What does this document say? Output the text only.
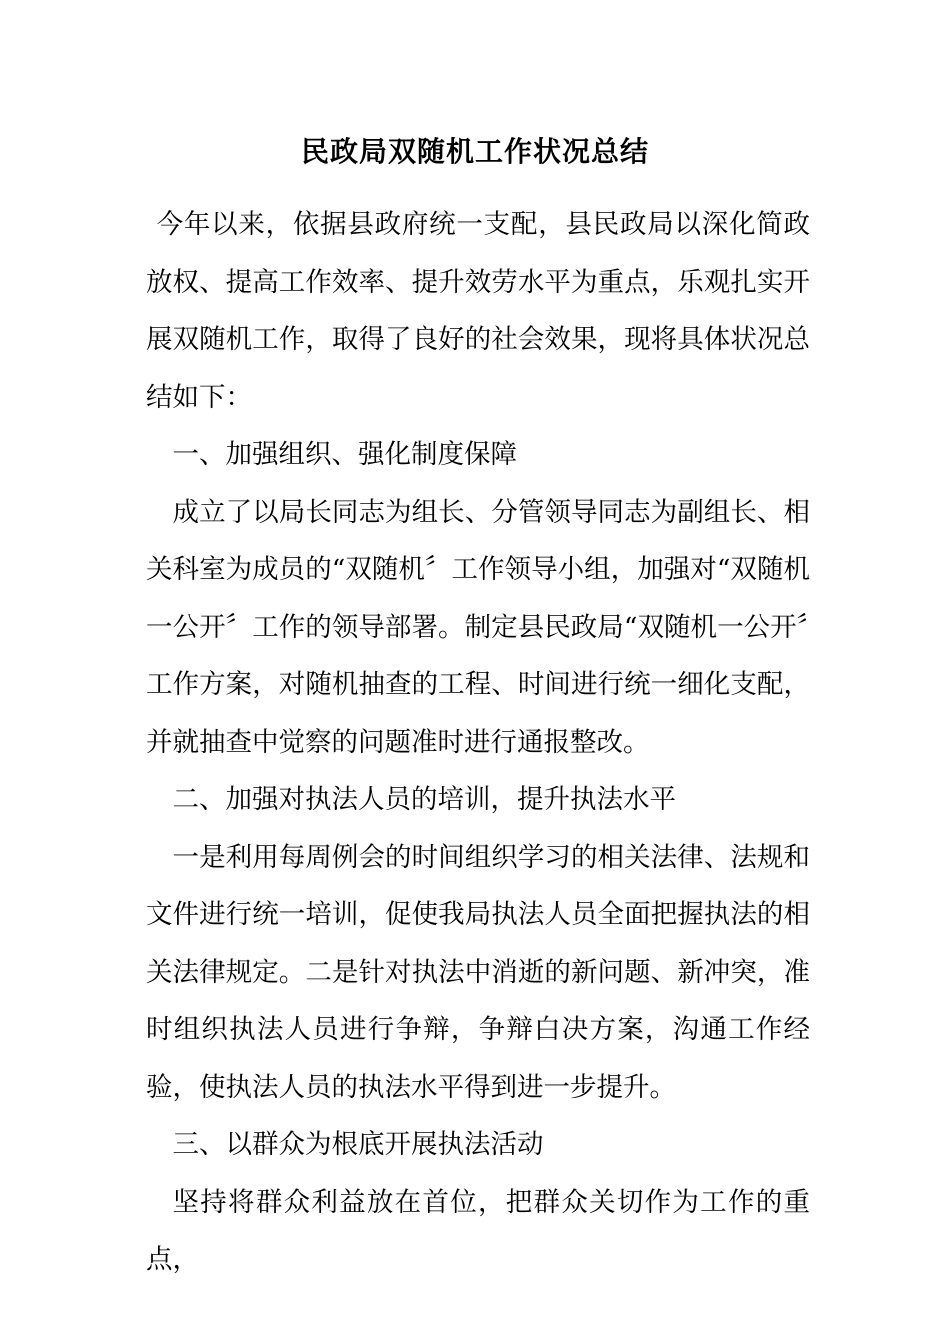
民政局双随机工作状况总结

今年以来，依据县政府统一支配，县民政局以深化简政放权、提高工作效率、提升效劳水平为重点，乐观扎实开展双随机工作，取得了良好的社会效果，现将具体状况总结如下：

一、加强组织、强化制度保障

成立了以局长同志为组长、分管领导同志为副组长、相关科室为成员的“双随机〞工作领导小组，加强对“双随机一公开〞工作的领导部署。制定县民政局“双随机一公开〞工作方案，对随机抽查的工程、时间进行统一细化支配，并就抽查中觉察的问题准时进行通报整改。

二、加强对执法人员的培训，提升执法水平

一是利用每周例会的时间组织学习的相关法律、法规和文件进行统一培训，促使我局执法人员全面把握执法的相关法律规定。二是针对执法中消逝的新问题、新冲突，准时组织执法人员进行争辩，争辩白决方案，沟通工作经验，使执法人员的执法水平得到进一步提升。

三、以群众为根底开展执法活动

坚持将群众利益放在首位，把群众关切作为工作的重点，
